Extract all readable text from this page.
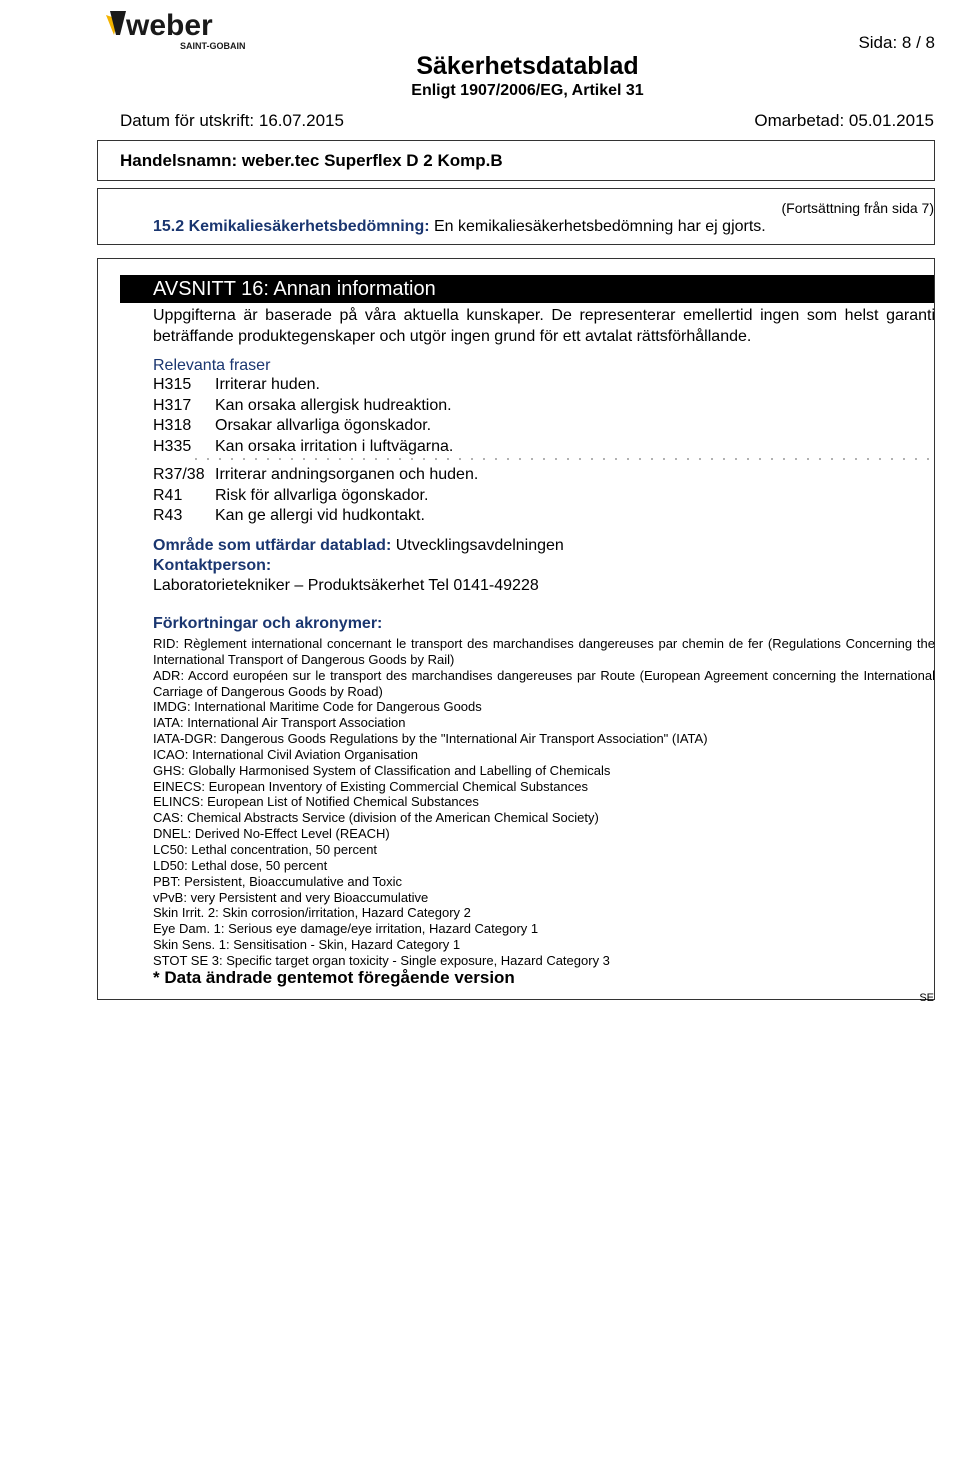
weber
SAINT-GOBAIN	Sida: 8 / 8
Säkerhetsdatablad
Enligt 1907/2006/EG, Artikel 31
Datum för utskrift: 16.07.2015	Omarbetad: 05.01.2015
Handelsnamn: weber.tec Superflex D 2 Komp.B
(Fortsättning från sida 7)
15.2 Kemikaliesäkerhetsbedömning: En kemikaliesäkerhetsbedömning har ej gjorts.
AVSNITT 16: Annan information
Uppgifterna är baserade på våra aktuella kunskaper. De representerar emellertid ingen som helst garanti beträffande produktegenskaper och utgör ingen grund för ett avtalat rättsförhållande.
Relevanta fraser
H315 Irriterar huden.
H317 Kan orsaka allergisk hudreaktion.
H318 Orsakar allvarliga ögonskador.
H335 Kan orsaka irritation i luftvägarna.
R37/38 Irriterar andningsorganen och huden.
R41 Risk för allvarliga ögonskador.
R43 Kan ge allergi vid hudkontakt.
Område som utfärdar datablad: Utvecklingsavdelningen
Kontaktperson:
Laboratorietekniker – Produktsäkerhet Tel 0141-49228
Förkortningar och akronymer:
RID: Règlement international concernant le transport des marchandises dangereuses par chemin de fer (Regulations Concerning the International Transport of Dangerous Goods by Rail)
ADR: Accord européen sur le transport des marchandises dangereuses par Route (European Agreement concerning the International Carriage of Dangerous Goods by Road)
IMDG: International Maritime Code for Dangerous Goods
IATA: International Air Transport Association
IATA-DGR: Dangerous Goods Regulations by the "International Air Transport Association" (IATA)
ICAO: International Civil Aviation Organisation
GHS: Globally Harmonised System of Classification and Labelling of Chemicals
EINECS: European Inventory of Existing Commercial Chemical Substances
ELINCS: European List of Notified Chemical Substances
CAS: Chemical Abstracts Service (division of the American Chemical Society)
DNEL: Derived No-Effect Level (REACH)
LC50: Lethal concentration, 50 percent
LD50: Lethal dose, 50 percent
PBT: Persistent, Bioaccumulative and Toxic
vPvB: very Persistent and very Bioaccumulative
Skin Irrit. 2: Skin corrosion/irritation, Hazard Category 2
Eye Dam. 1: Serious eye damage/eye irritation, Hazard Category 1
Skin Sens. 1: Sensitisation - Skin, Hazard Category 1
STOT SE 3: Specific target organ toxicity - Single exposure, Hazard Category 3
* Data ändrade gentemot föregående version
SE
